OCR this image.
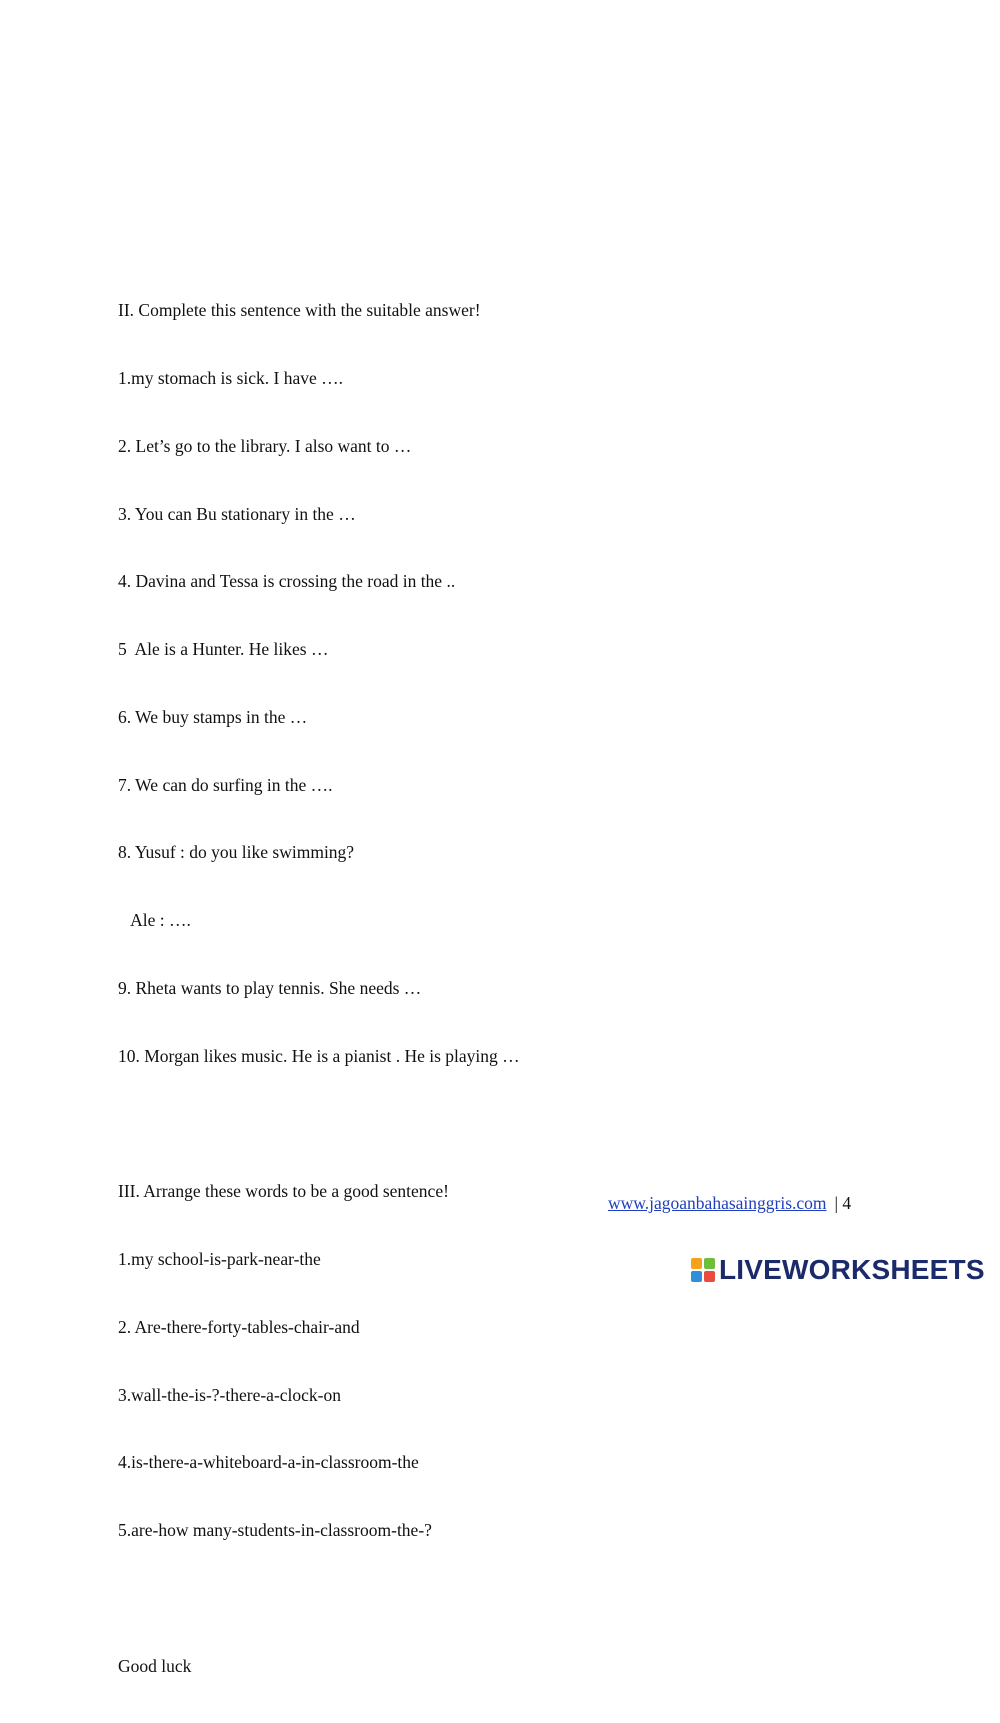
II. Complete this sentence with the suitable answer!

1.my stomach is sick. I have ….

2. Let’s go to the library. I also want to …

3. You can Bu stationary in the …

4. Davina and Tessa is crossing the road in the ..

5  Ale is a Hunter. He likes …

6. We buy stamps in the …

7. We can do surfing in the ….

8. Yusuf : do you like swimming?

Ale : ….

9. Rheta wants to play tennis. She needs …

10. Morgan likes music. He is a pianist . He is playing …

III. Arrange these words to be a good sentence!

1.my school-is-park-near-the

2. Are-there-forty-tables-chair-and

3.wall-the-is-?-there-a-clock-on

4.is-there-a-whiteboard-a-in-classroom-the

5.are-how many-students-in-classroom-the-?

Good luck

www.jagoanbahasainggris.com | 4
LIVEWORKSHEETS
